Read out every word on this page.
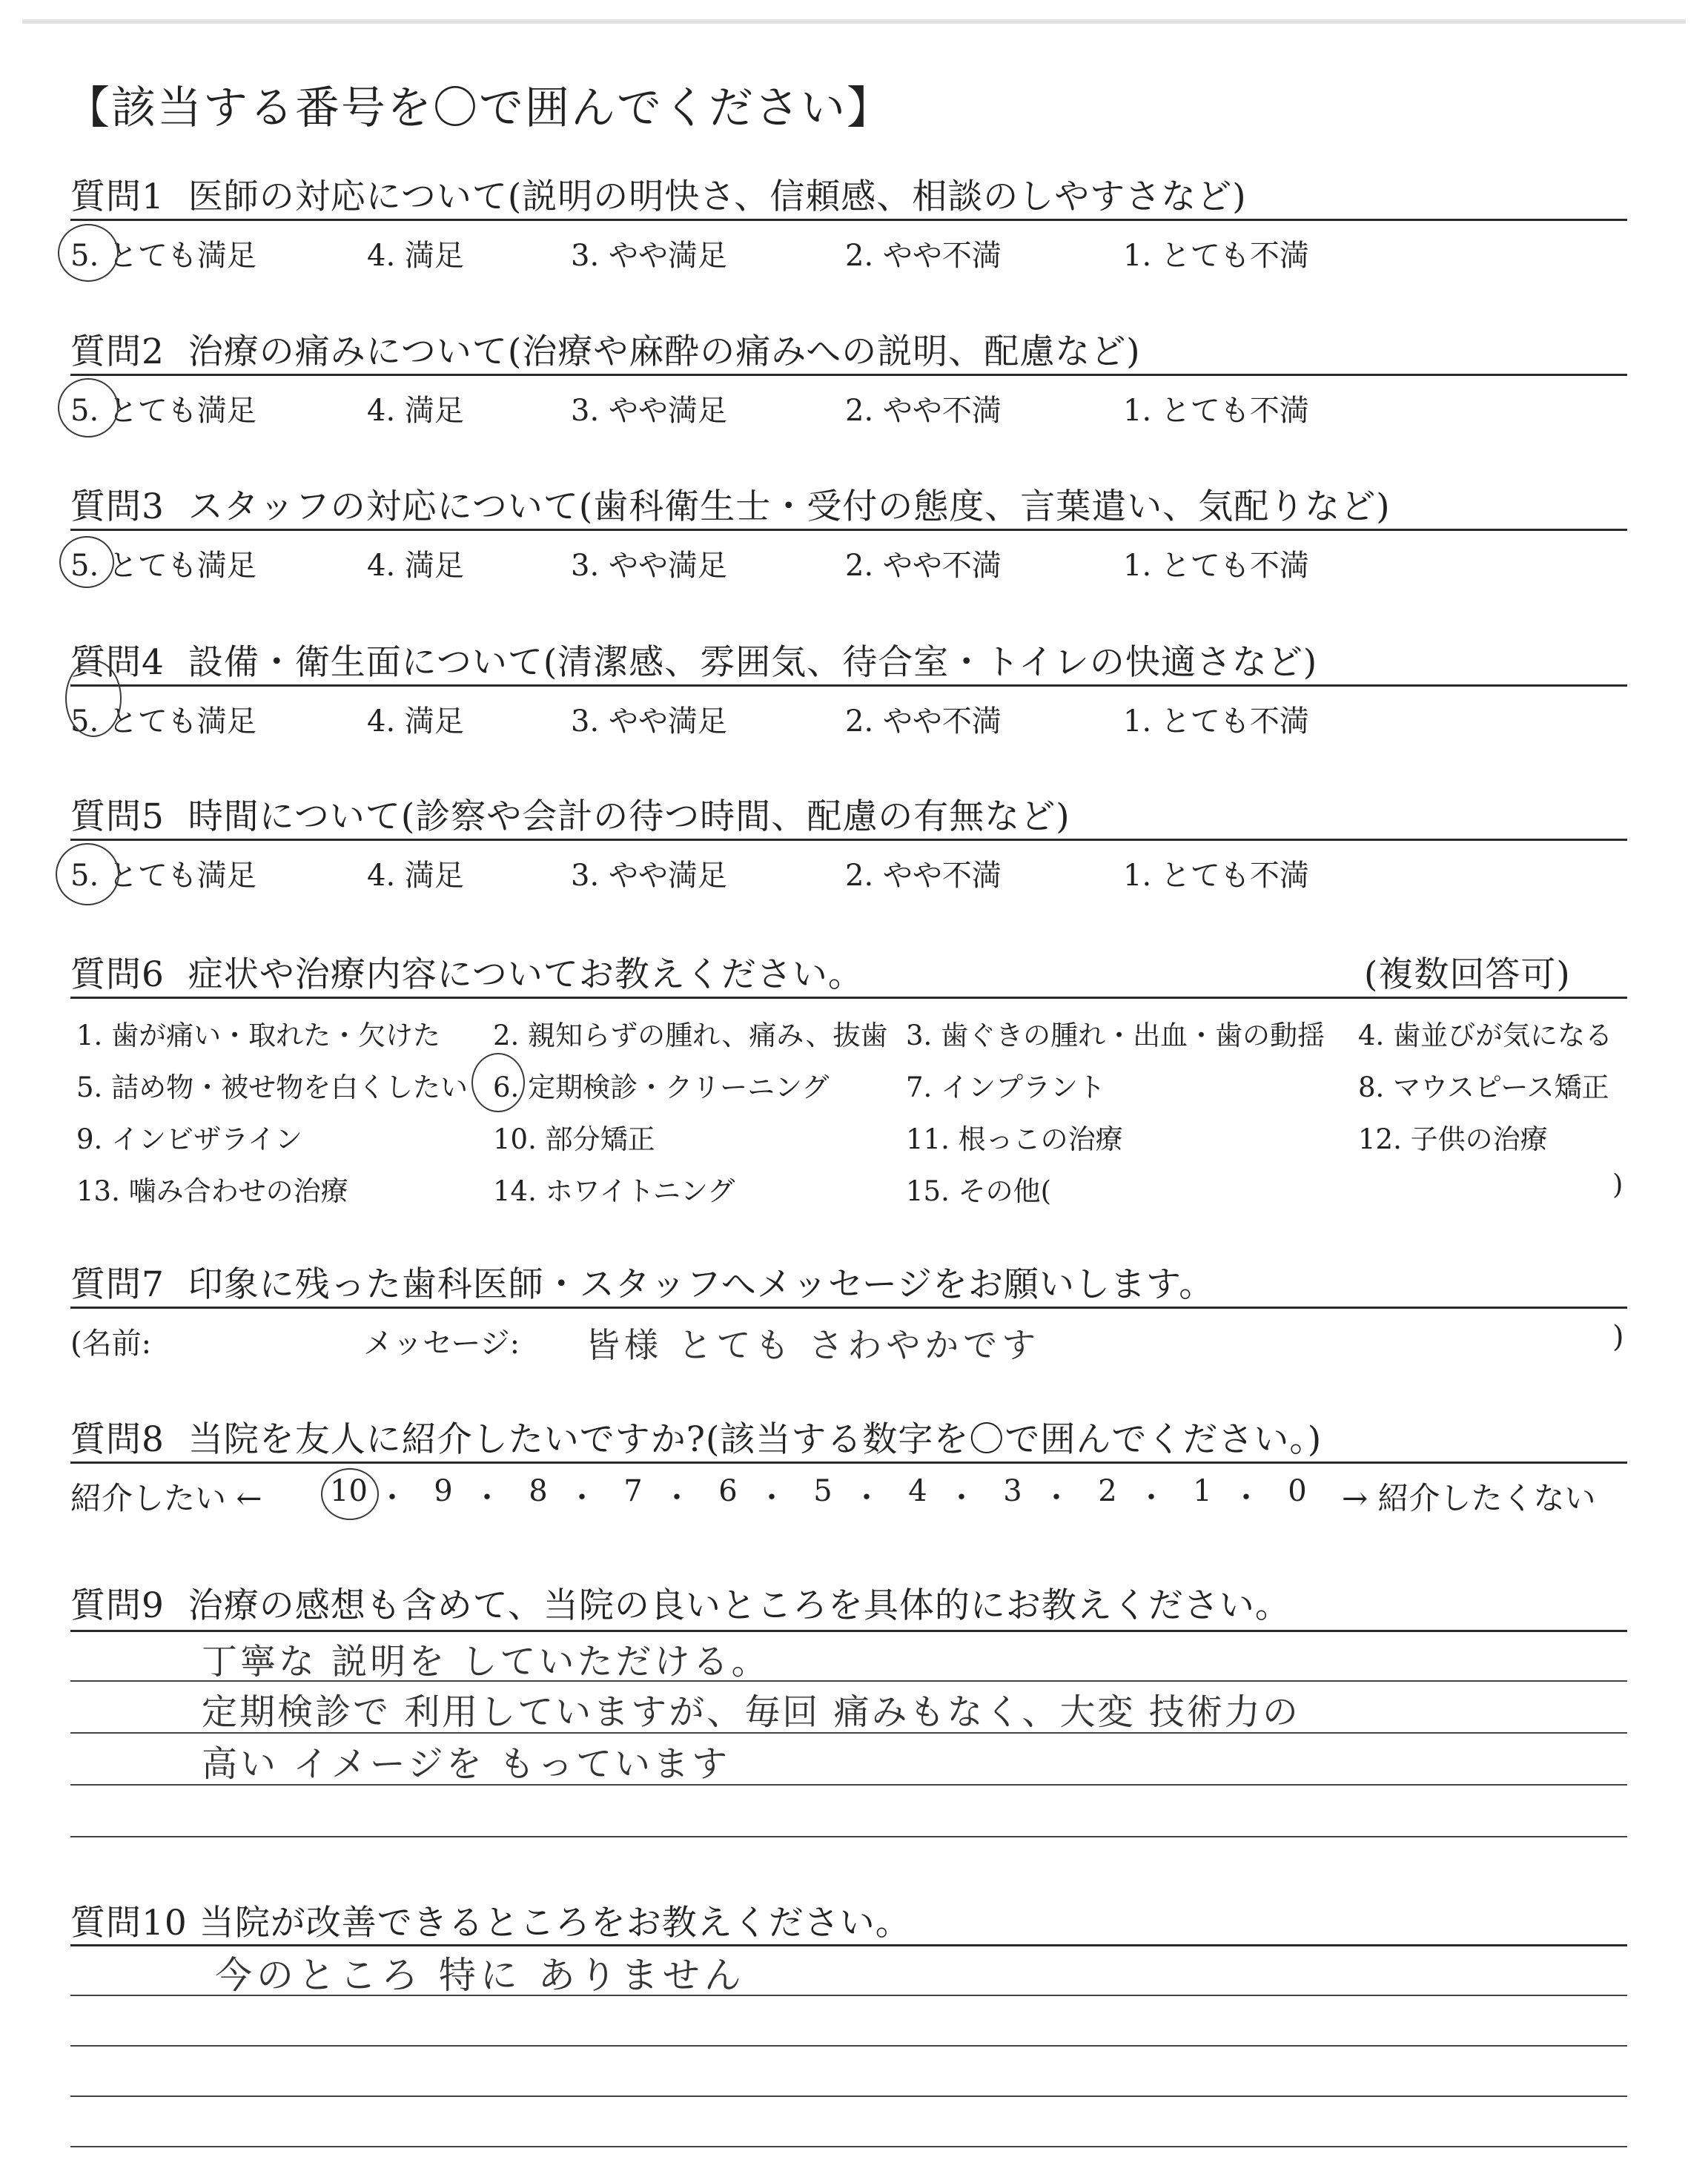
【該当する番号を〇で囲んでください】
質問1 医師の対応について(説明の明快さ、信頼感、相談のしやすさなど)
5. とても満足	4. 満足	3. やや満足	2. やや不満	1. とても不満
質問2 治療の痛みについて(治療や麻酔の痛みへの説明、配慮など)
5. とても満足	4. 満足	3. やや満足	2. やや不満	1. とても不満
質問3 スタッフの対応について(歯科衛生士・受付の態度、言葉遣い、気配りなど)
5. とても満足	4. 満足	3. やや満足	2. やや不満	1. とても不満
質問4 設備・衛生面について(清潔感、雰囲気、待合室・トイレの快適さなど)
5. とても満足	4. 満足	3. やや満足	2. やや不満	1. とても不満
質問5 時間について(診察や会計の待つ時間、配慮の有無など)
5. とても満足	4. 満足	3. やや満足	2. やや不満	1. とても不満
質問6 症状や治療内容についてお教えください。	(複数回答可)
1. 歯が痛い・取れた・欠けた 2. 親知らずの腫れ、痛み、抜歯 3. 歯ぐきの腫れ・出血・歯の動揺 4. 歯並びが気になる
5. 詰め物・被せ物を白くしたい 6. 定期検診・クリーニング	7. インプラント	8. マウスピース矯正
9. インビザライン	10. 部分矯正	11. 根っこの治療	12. 子供の治療
13. 噛み合わせの治療	14. ホワイトニング	15. その他(	)
質問7 印象に残った歯科医師・スタッフへメッセージをお願いします。
(名前:	メッセージ: 皆様 とても さわやかです	)
質問8 当院を友人に紹介したいですか?(該当する数字を〇で囲んでください。)
紹介したい ←	→ 紹介したくない
10 ・ 9 ・ 8 ・ 7 ・ 6 ・ 5 ・ 4 ・ 3 ・ 2 ・ 1 ・ 0
質問9 治療の感想も含めて、当院の良いところを具体的にお教えください。
丁寧な 説明を していただける。
定期検診で 利用していますが、毎回 痛みもなく、大変 技術力の
高い イメージを もっています
質問10 当院が改善できるところをお教えください。
今のところ 特に ありません
